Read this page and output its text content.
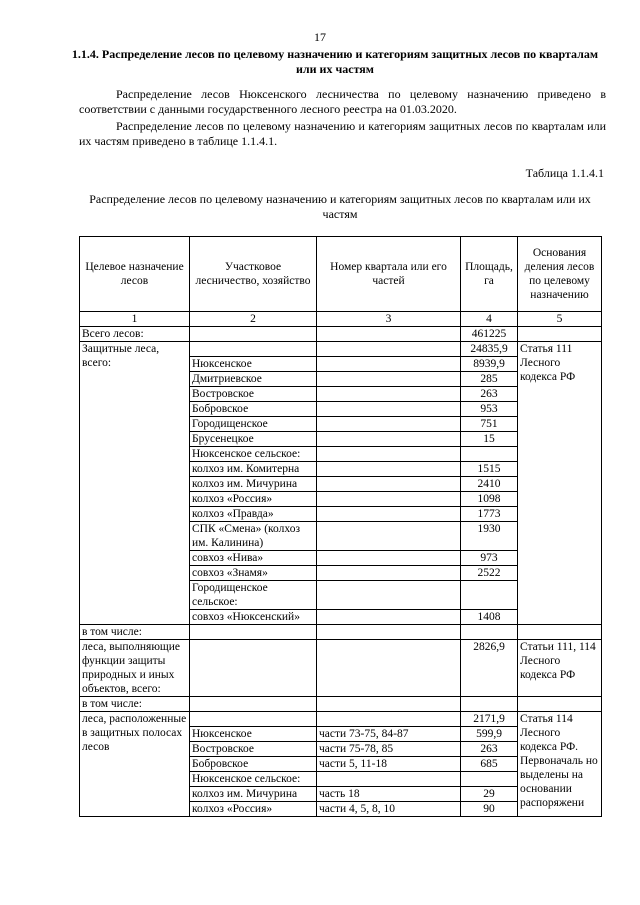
17
1.1.4. Распределение лесов по целевому назначению и категориям защитных лесов по кварталам или их частям
Распределение лесов Нюксенского лесничества по целевому назначению приведено в соответствии с данными государственного лесного реестра на 01.03.2020.
Распределение лесов по целевому назначению и категориям защитных лесов по кварталам или их частям приведено в таблице 1.1.4.1.
Таблица 1.1.4.1
Распределение лесов по целевому назначению и категориям защитных лесов по кварталам или их частям
Целевое назначение лесов	Участковое лесничество, хозяйство	Номер квартала или его частей	Площадь, га	Основания деления лесов по целевому назначению
1	2	3	4	5
Всего лесов:			461225	
Защитные леса, всего:			24835,9	Статья 111 Лесного кодекса РФ
	Нюксенское		8939,9	
	Дмитриевское		285	
	Востровское		263	
	Бобровское		953	
	Городищенское		751	
	Брусенецкое		15	
	Нюксенское сельское:			
	колхоз им. Комитерна		1515	
	колхоз им. Мичурина		2410	
	колхоз «Россия»		1098	
	колхоз «Правда»		1773	
	СПК «Смена» (колхоз им. Калинина)		1930	
	совхоз «Нива»		973	
	совхоз «Знамя»		2522	
	Городищенское сельское:			
	совхоз «Нюксенский»		1408	
в том числе:				
леса, выполняющие функции защиты природных и иных объектов, всего:			2826,9	Статьи 111, 114 Лесного кодекса РФ
в том числе:				
леса, расположенные в защитных полосах лесов			2171,9	Статья 114 Лесного кодекса РФ. Первоначаль но выделены на основании распоряжени
	Нюксенское	части 73-75, 84-87	599,9	
	Востровское	части 75-78, 85	263	
	Бобровское	части 5, 11-18	685	
	Нюксенское сельское:			
	колхоз им. Мичурина	часть 18	29	
	колхоз «Россия»	части 4, 5, 8, 10	90	
